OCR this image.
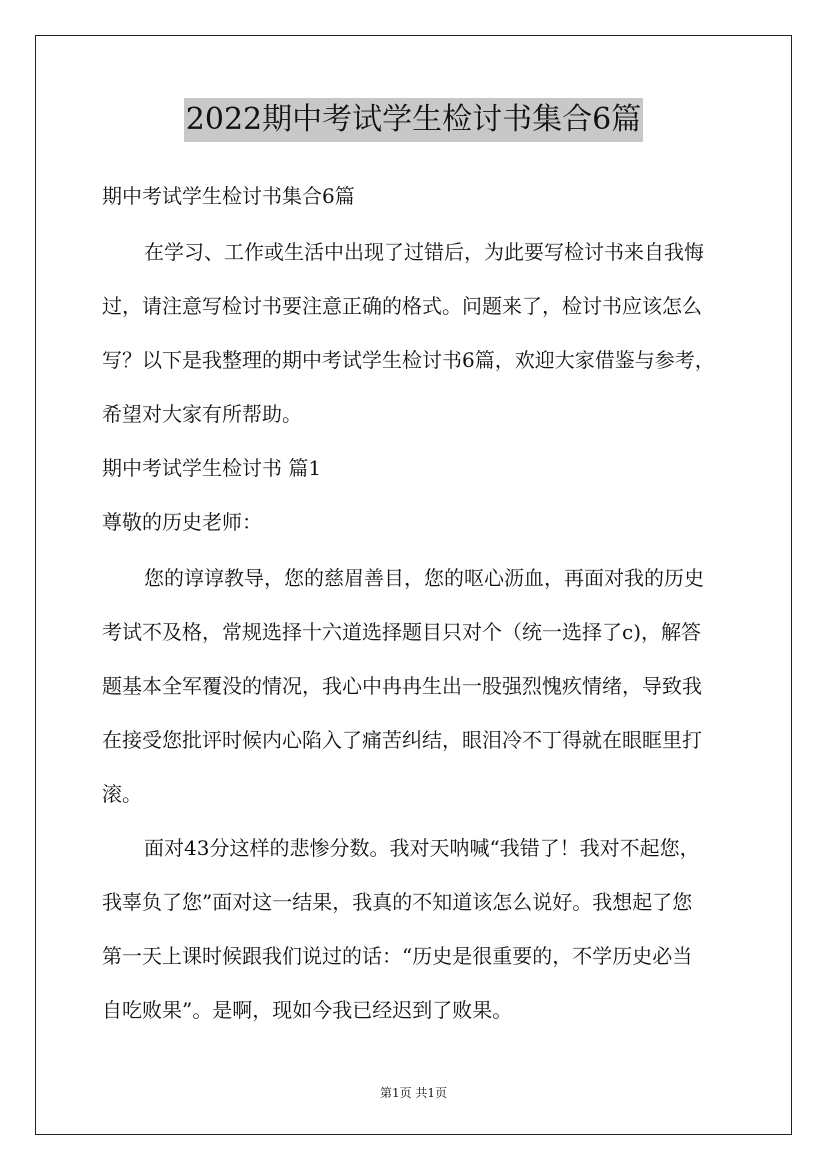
2022期中考试学生检讨书集合6篇

期中考试学生检讨书集合6篇

在学习、工作或生活中出现了过错后，为此要写检讨书来自我悔

过，请注意写检讨书要注意正确的格式。问题来了，检讨书应该怎么

写？以下是我整理的期中考试学生检讨书6篇，欢迎大家借鉴与参考，

希望对大家有所帮助。

期中考试学生检讨书 篇1

尊敬的历史老师：

您的谆谆教导，您的慈眉善目，您的呕心沥血，再面对我的历史

考试不及格，常规选择十六道选择题目只对个（统一选择了c)，解答

题基本全军覆没的情况，我心中冉冉生出一股强烈愧疚情绪，导致我

在接受您批评时候内心陷入了痛苦纠结，眼泪冷不丁得就在眼眶里打

滚。

面对43分这样的悲惨分数。我对天呐喊“我错了！我对不起您，

我辜负了您”面对这一结果，我真的不知道该怎么说好。我想起了您

第一天上课时候跟我们说过的话：“历史是很重要的，不学历史必当

自吃败果”。是啊，现如今我已经迟到了败果。

第1页 共1页
